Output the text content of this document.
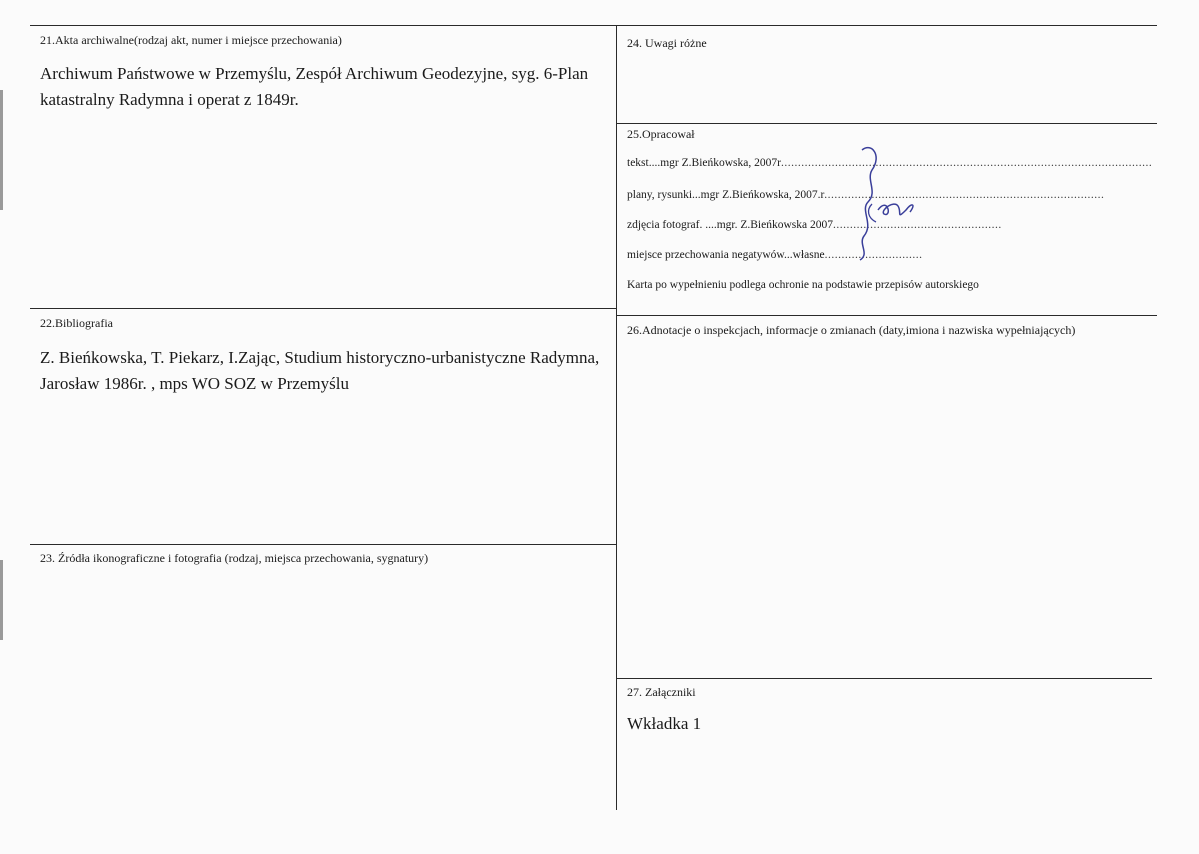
21.Akta archiwalne(rodzaj akt, numer i miejsce przechowania)
Archiwum Państwowe w Przemyślu, Zespół Archiwum Geodezyjne, syg. 6-Plan
katastralny Radymna i operat z 1849r.
22.Bibliografia
Z. Bieńkowska, T. Piekarz, I.Zając, Studium historyczno-urbanistyczne Radymna,
Jarosław 1986r. , mps WO SOZ w Przemyślu
23. Źródła ikonograficzne i fotografia (rodzaj, miejsca przechowania, sygnatury)
24. Uwagi różne
25.Opracował
tekst....mgr Z.Bieńkowska, 2007r..............................................................................................................
plany, rysunki...mgr Z.Bieńkowska, 2007.r...................................................................................
zdjęcia fotograf. ....mgr. Z.Bieńkowska 2007..................................................
miejsce przechowania negatywów...własne.............................
Karta po wypełnieniu podlega ochronie na podstawie przepisów autorskiego
26.Adnotacje o inspekcjach, informacje o zmianach (daty,imiona i nazwiska wypełniających)
27. Załączniki
Wkładka 1
